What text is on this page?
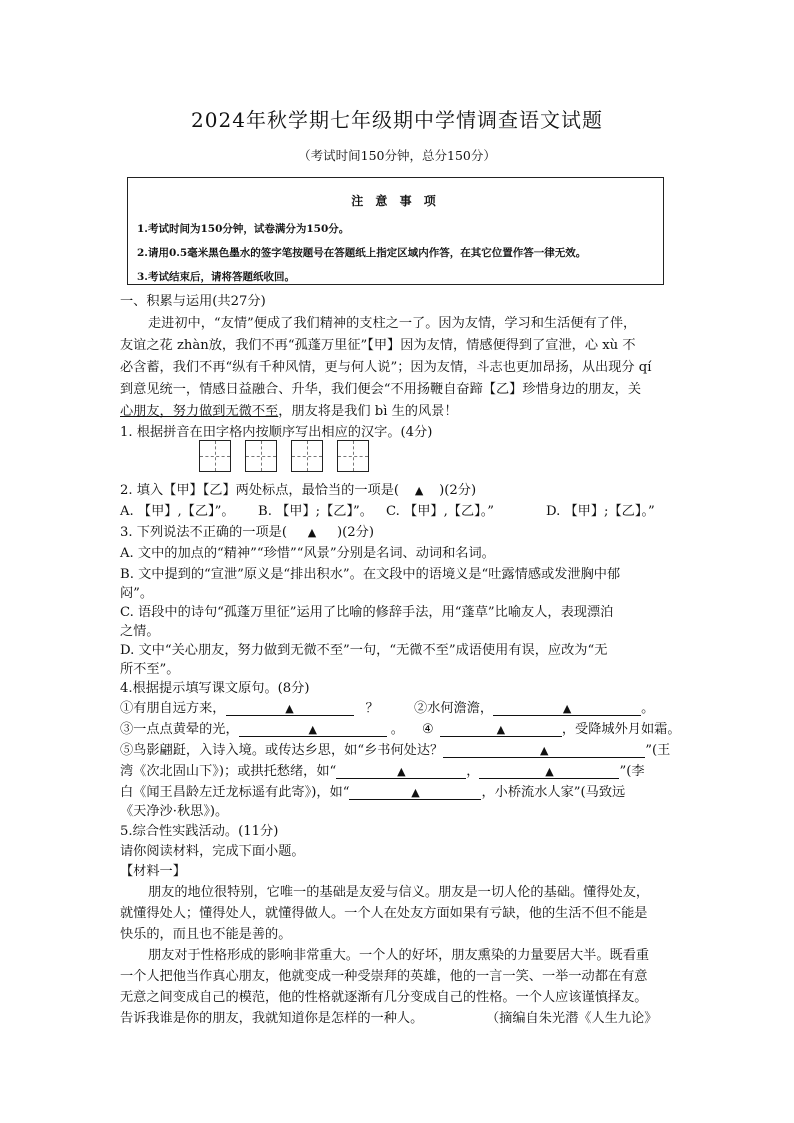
2024年秋学期七年级期中学情调查语文试题
（考试时间150分钟，总分150分）
注 意 事 项
1.考试时间为150分钟，试卷满分为150分。
2.请用0.5毫米黑色墨水的签字笔按题号在答题纸上指定区域内作答，在其它位置作答一律无效。
3.考试结束后，请将答题纸收回。
一、积累与运用(共27分)
走进初中，“友情”便成了我们精神的支柱之一了。因为友情，学习和生活便有了伴，
友谊之花 zhàn放，我们不再“孤蓬万里征”【甲】因为友情，情感便得到了宣泄，心 xù 不
必含蓄，我们不再“纵有千种风情，更与何人说”；因为友情，斗志也更加昂扬，从出现分 qí
到意见统一，情感日益融合、升华，我们便会“不用扬鞭自奋蹄【乙】珍惜身边的朋友，关
心朋友，努力做到无微不至，朋友将是我们 bì 生的风景！
1. 根据拼音在田字格内按顺序写出相应的汉字。(4分)
2. 填入【甲】【乙】两处标点，最恰当的一项是( ▲ )(2分)
A. 【甲】,【乙】”。 B. 【甲】;【乙】”。 C. 【甲】,【乙】。”	D. 【甲】;【乙】。”
3. 下列说法不正确的一项是( ▲ )(2分)
A. 文中的加点的“精神”“珍惜”“风景”分别是名词、动词和名词。
B. 文中提到的“宣泄”原义是“排出积水”。在文段中的语境义是“吐露情感或发泄胸中郁
闷”。
C. 语段中的诗句“孤蓬万里征”运用了比喻的修辞手法，用“蓬草”比喻友人，表现漂泊
之情。
D. 文中“关心朋友，努力做到无微不至”一句，“无微不至”成语使用有误，应改为“无
所不至”。
4.根据提示填写课文原句。(8分)
①有朋自远方来，	▲	？	②水何澹澹，	▲	。
③一点点黄晕的光，	▲	。 ④	▲	，受降城外月如霜。
⑤鸟影翩跹，入诗入境。或传达乡思，如“乡书何处达？	▲	”(王
湾《次北固山下》)；或拱托愁绪，如“	▲	，	▲	”(李
白《闻王昌龄左迁龙标遥有此寄》)，如“	▲	，小桥流水人家”(马致远
《天净沙·秋思》)。
5.综合性实践活动。(11分)
请你阅读材料，完成下面小题。
【材料一】
朋友的地位很特别，它唯一的基础是友爱与信义。朋友是一切人伦的基础。懂得处友，
就懂得处人；懂得处人，就懂得做人。一个人在处友方面如果有亏缺，他的生活不但不能是
快乐的，而且也不能是善的。
朋友对于性格形成的影响非常重大。一个人的好坏，朋友熏染的力量要居大半。既看重
一个人把他当作真心朋友，他就变成一种受崇拜的英雄，他的一言一笑、一举一动都在有意
无意之间变成自己的模范，他的性格就逐渐有几分变成自己的性格。一个人应该谨慎择友。
告诉我谁是你的朋友，我就知道你是怎样的一种人。	（摘编自朱光潜《人生九论》
